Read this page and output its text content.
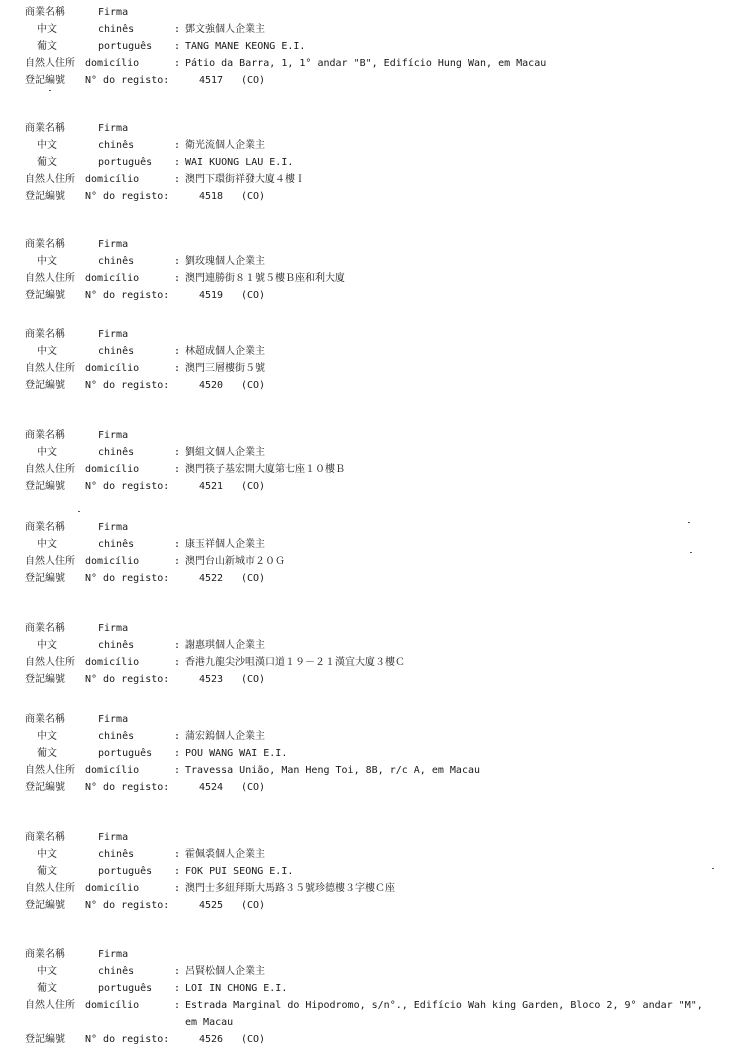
商業名稱	Firma
中文	chinês	: 鄧文強個人企業主
葡文	português : TANG MANE KEONG E.I.
自然人住所 domicílio	: Pátio da Barra, 1, 1° andar "B", Edifício Hung Wan, em Macau
登記編號 N° do registo:	4517 (CO)
商業名稱	Firma
中文	chinês	: 衛光流個人企業主
葡文	português : WAI KUONG LAU E.I.
自然人住所 domicílio	: 澳門下環街祥發大廈４樓Ｉ
登記編號 N° do registo:	4518 (CO)
商業名稱	Firma
中文	chinês	: 劉玫瑰個人企業主
自然人住所 domicílio	: 澳門連勝街８１號５樓Ｂ座和利大廈
登記編號 N° do registo:	4519 (CO)
商業名稱	Firma
中文	chinês	: 林超成個人企業主
自然人住所 domicílio	: 澳門三層樓街５號
登記編號 N° do registo:	4520 (CO)
商業名稱	Firma
中文	chinês	: 劉組文個人企業主
自然人住所 domicílio	: 澳門筷子基宏開大廈第七座１０樓Ｂ
登記編號 N° do registo:	4521 (CO)
商業名稱	Firma
中文	chinês	: 康玉祥個人企業主
自然人住所 domicílio	: 澳門台山新城市２０Ｇ
登記編號 N° do registo:	4522 (CO)
商業名稱	Firma
中文	chinês	: 謝惠琪個人企業主
自然人住所 domicílio	: 香港九龍尖沙咀漢口道１９－２１漢宜大廈３樓Ｃ
登記編號 N° do registo:	4523 (CO)
商業名稱	Firma
中文	chinês	: 蒲宏鎢個人企業主
葡文	português : POU WANG WAI E.I.
自然人住所 domicílio	: Travessa União, Man Heng Toi, 8B, r/c A, em Macau
登記編號 N° do registo:	4524 (CO)
商業名稱	Firma
中文	chinês	: 霍佩裘個人企業主
葡文	português : FOK PUI SEONG E.I.
自然人住所 domicílio	: 澳門士多紐拜斯大馬路３５號珍德樓３字樓Ｃ座
登記編號 N° do registo:	4525 (CO)
商業名稱	Firma
中文	chinês	: 呂賢松個人企業主
葡文	português : LOI IN CHONG E.I.
自然人住所 domicílio	: Estrada Marginal do Hipodromo, s/n°., Edifício Wah king Garden, Bloco 2, 9° andar "M", em Macau
登記編號 N° do registo:	4526 (CO)
